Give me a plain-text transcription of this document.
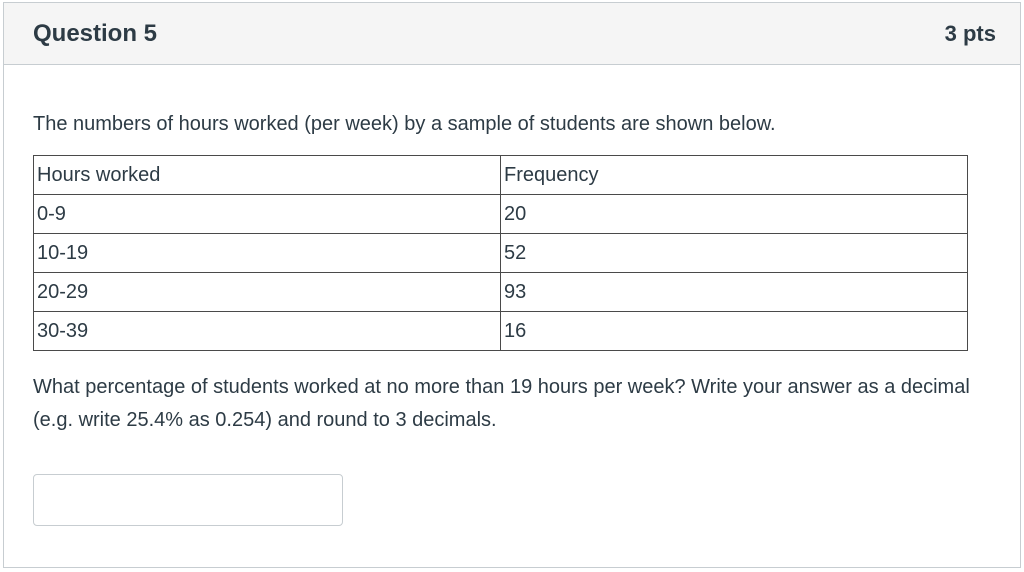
Question 5	3 pts

The numbers of hours worked (per week) by a sample of students are shown below.

Hours worked	Frequency
0-9	20
10-19	52
20-29	93
30-39	16

What percentage of students worked at no more than 19 hours per week? Write your answer as a decimal (e.g. write 25.4% as 0.254) and round to 3 decimals.
